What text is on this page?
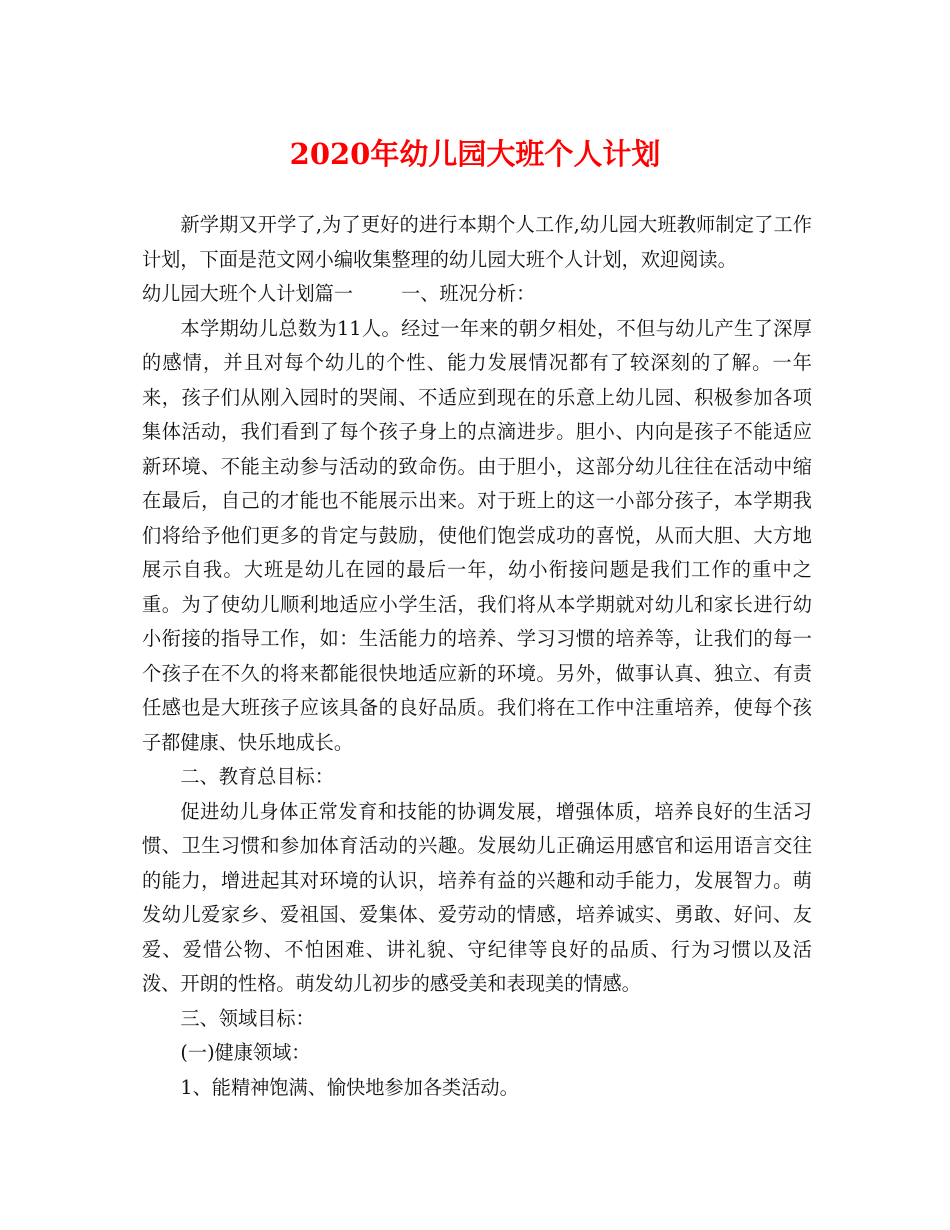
2020年幼儿园大班个人计划

新学期又开学了,为了更好的进行本期个人工作,幼儿园大班教师制定了工作计划，下面是范文网小编收集整理的幼儿园大班个人计划，欢迎阅读。

幼儿园大班个人计划篇一	一、班况分析：

本学期幼儿总数为11人。经过一年来的朝夕相处，不但与幼儿产生了深厚的感情，并且对每个幼儿的个性、能力发展情况都有了较深刻的了解。一年来，孩子们从刚入园时的哭闹、不适应到现在的乐意上幼儿园、积极参加各项集体活动，我们看到了每个孩子身上的点滴进步。胆小、内向是孩子不能适应新环境、不能主动参与活动的致命伤。由于胆小，这部分幼儿往往在活动中缩在最后，自己的才能也不能展示出来。对于班上的这一小部分孩子，本学期我们将给予他们更多的肯定与鼓励，使他们饱尝成功的喜悦，从而大胆、大方地展示自我。大班是幼儿在园的最后一年，幼小衔接问题是我们工作的重中之重。为了使幼儿顺利地适应小学生活，我们将从本学期就对幼儿和家长进行幼小衔接的指导工作，如：生活能力的培养、学习习惯的培养等，让我们的每一个孩子在不久的将来都能很快地适应新的环境。另外，做事认真、独立、有责任感也是大班孩子应该具备的良好品质。我们将在工作中注重培养，使每个孩子都健康、快乐地成长。

二、教育总目标：

促进幼儿身体正常发育和技能的协调发展，增强体质，培养良好的生活习惯、卫生习惯和参加体育活动的兴趣。发展幼儿正确运用感官和运用语言交往的能力，增进起其对环境的认识，培养有益的兴趣和动手能力，发展智力。萌发幼儿爱家乡、爱祖国、爱集体、爱劳动的情感，培养诚实、勇敢、好问、友爱、爱惜公物、不怕困难、讲礼貌、守纪律等良好的品质、行为习惯以及活泼、开朗的性格。萌发幼儿初步的感受美和表现美的情感。

三、领域目标：

(一)健康领域：

1、能精神饱满、愉快地参加各类活动。
